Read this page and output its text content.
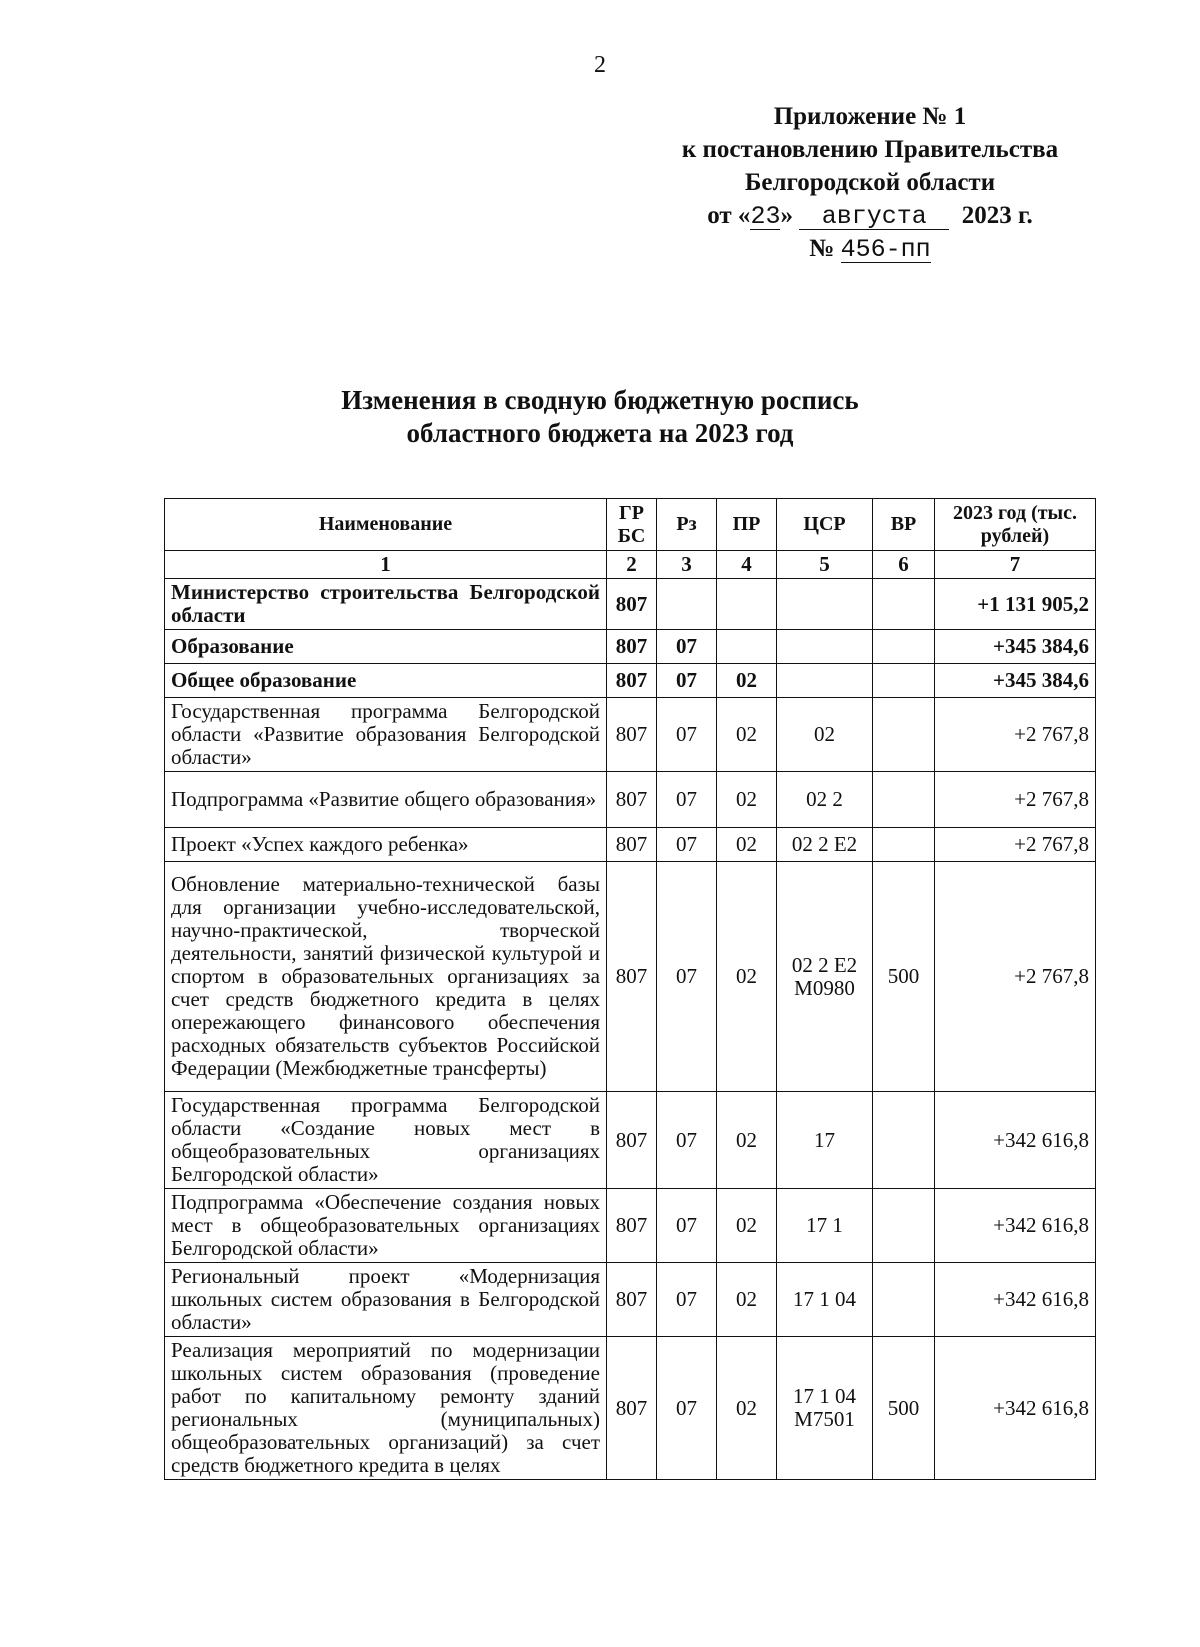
2
Приложение № 1
к постановлению Правительства
Белгородской области
от «23» августа 2023 г.
№ 456-пп
Изменения в сводную бюджетную роспись
областного бюджета на 2023 год
Наименование	ГР БС	Рз	ПР	ЦСР	ВР	2023 год (тыс. рублей)
1	2	3	4	5	6	7
Министерство строительства Белгородской области	807					+1 131 905,2
Образование	807	07				+345 384,6
Общее образование	807	07	02			+345 384,6
Государственная программа Белгородской области «Развитие образования Белгородской области»	807	07	02	02		+2 767,8
Подпрограмма «Развитие общего образования»	807	07	02	02 2		+2 767,8
Проект «Успех каждого ребенка»	807	07	02	02 2 Е2		+2 767,8
Обновление материально-технической базы для организации учебно-исследовательской, научно-практической, творческой деятельности, занятий физической культурой и спортом в образовательных организациях за счет средств бюджетного кредита в целях опережающего финансового обеспечения расходных обязательств субъектов Российской Федерации (Межбюджетные трансферты)	807	07	02	02 2 Е2 M0980	500	+2 767,8
Государственная программа Белгородской области «Создание новых мест в общеобразовательных организациях Белгородской области»	807	07	02	17		+342 616,8
Подпрограмма «Обеспечение создания новых мест в общеобразовательных организациях Белгородской области»	807	07	02	17 1		+342 616,8
Региональный проект «Модернизация школьных систем образования в Белгородской области»	807	07	02	17 1 04		+342 616,8
Реализация мероприятий по модернизации школьных систем образования (проведение работ по капитальному ремонту зданий региональных (муниципальных) общеобразовательных организаций) за счет средств бюджетного кредита в целях	807	07	02	17 1 04 M7501	500	+342 616,8
